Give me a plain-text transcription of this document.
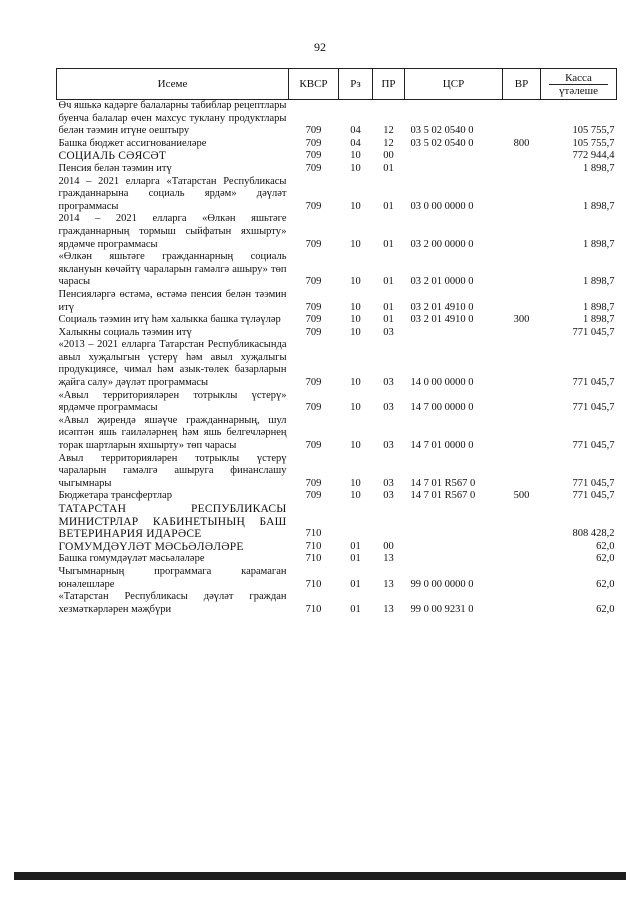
92
Исеме	КВСР	Рз	ПР	ЦСР	ВР	Касса
үтәлеше

Өч яшькә кадәрге балаларны табиблар рецептлары буенча балалар өчен махсус туклану продуктлары белән тәэмин итүне оештыру	709	04	12	03 5 02 0540 0		105 755,7
Башка бюджет ассигнованиеләре	709	04	12	03 5 02 0540 0	800	105 755,7
СОЦИАЛЬ СӘЯСӘТ	709	10	00			772 944,4
Пенсия белән тәэмин итү	709	10	01			1 898,7
2014 – 2021 елларга «Татарстан Республикасы гражданнарына социаль ярдәм» дәүләт программасы	709	10	01	03 0 00 0000 0		1 898,7
2014 – 2021 елларга «Өлкән яшьтәге гражданнарның тормыш сыйфатын яхшырту» ярдәмче программасы	709	10	01	03 2 00 0000 0		1 898,7
«Өлкән яшьтәге гражданнарның социаль яклануын көчәйтү чараларын гамәлгә ашыру» төп чарасы	709	10	01	03 2 01 0000 0		1 898,7
Пенсияләргә өстәмә, өстәмә пенсия белән тәэмин итү	709	10	01	03 2 01 4910 0		1 898,7
Социаль тәэмин итү һәм халыкка башка түләүләр	709	10	01	03 2 01 4910 0	300	1 898,7
Халыкны социаль тәэмин итү	709	10	03			771 045,7
«2013 – 2021 елларга Татарстан Республикасында авыл хуҗалыгын үстерү һәм авыл хуҗалыгы продукциясе, чимал һәм азык-төлек базарларын җайга салу» дәүләт программасы	709	10	03	14 0 00 0000 0		771 045,7
«Авыл территорияләрен тотрыклы үстерү» ярдәмче программасы	709	10	03	14 7 00 0000 0		771 045,7
«Авыл җирендә яшәүче гражданнарның, шул исәптән яшь гаиләләрнең һәм яшь белгечләрнең торак шартларын яхшырту» төп чарасы	709	10	03	14 7 01 0000 0		771 045,7
Авыл территорияләрен тотрыклы үстерү чараларын гамәлгә ашыруга финанслашу чыгымнары	709	10	03	14 7 01 R567 0		771 045,7
Бюджетара трансфертлар	709	10	03	14 7 01 R567 0	500	771 045,7
ТАТАРСТАН РЕСПУБЛИКАСЫ МИНИСТРЛАР КАБИНЕТЫНЫҢ БАШ ВЕТЕРИНАРИЯ ИДАРӘСЕ	710					808 428,2
ГОМУМДӘҮЛӘТ МӘСЬӘЛӘЛӘРЕ	710	01	00			62,0
Башка гомумдәүләт мәсьәләләре	710	01	13			62,0
Чыгымнарның программага карамаган юнәлешләре	710	01	13	99 0 00 0000 0		62,0
«Татарстан Республикасы дәүләт граждан хезмәткәрләрен мәҗбүри	710	01	13	99 0 00 9231 0		62,0
